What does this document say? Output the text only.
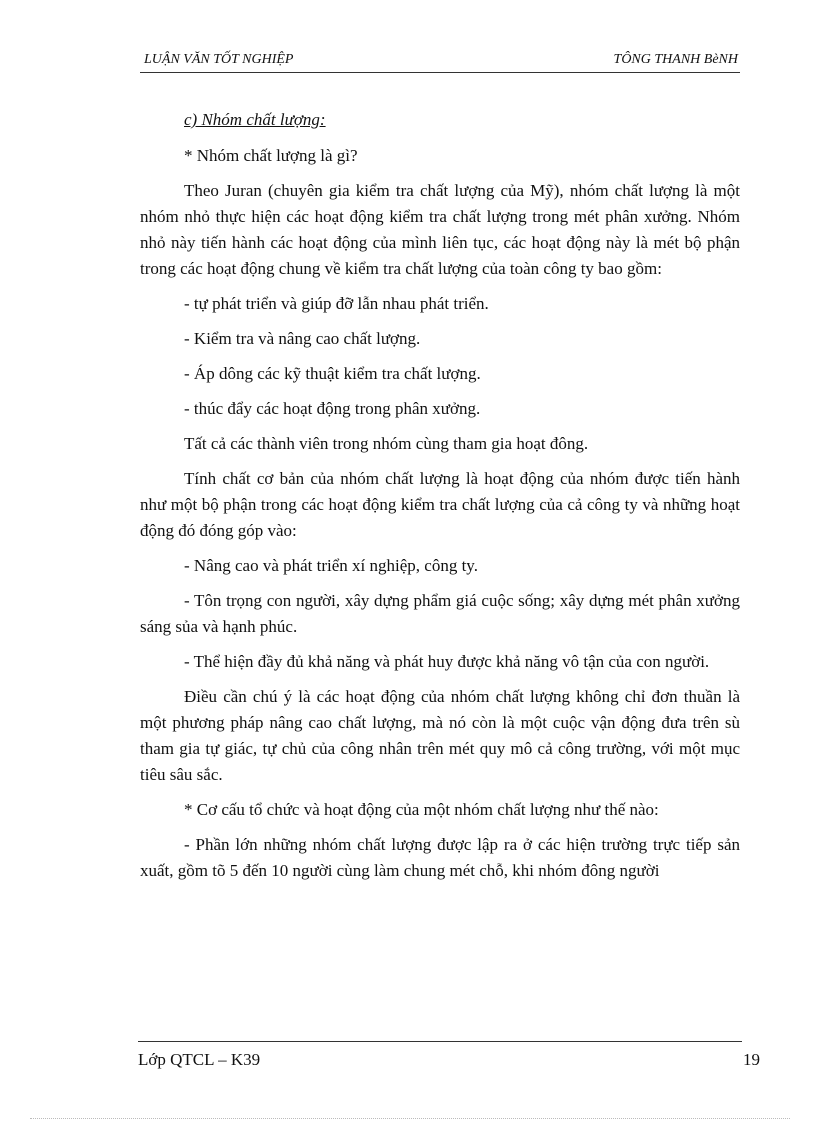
LUẬN VĂN TỐT NGHIỆP	TÔNG THANH BèNH

c) Nhóm chất lượng:

* Nhóm chất lượng là gì?

Theo Juran (chuyên gia kiểm tra chất lượng của Mỹ), nhóm chất lượng là một nhóm nhỏ thực hiện các hoạt động kiểm tra chất lượng trong mét phân xưởng. Nhóm nhỏ này tiến hành các hoạt động của mình liên tục, các hoạt động này là mét bộ phận trong các hoạt động chung về kiểm tra chất lượng của toàn công ty bao gồm:

- tự phát triển và giúp đỡ lẫn nhau phát triển.

- Kiểm tra và nâng cao chất lượng.

- Áp dông các kỹ thuật kiểm tra chất lượng.

- thúc đẩy các hoạt động trong phân xưởng.

Tất cả các thành viên trong nhóm cùng tham gia hoạt đông.

Tính chất cơ bản của nhóm chất lượng là hoạt động của nhóm được tiến hành như một bộ phận trong các hoạt động kiểm tra chất lượng của cả công ty và những hoạt động đó đóng góp vào:

- Nâng cao và phát triển xí nghiệp, công ty.

- Tôn trọng con người, xây dựng phẩm giá cuộc sống; xây dựng mét phân xưởng sáng sủa và hạnh phúc.

- Thể hiện đầy đủ khả năng và phát huy được khả năng vô tận của con người.

Điều cần chú ý là các hoạt động của nhóm chất lượng không chỉ đơn thuần là một phương pháp nâng cao chất lượng, mà nó còn là một cuộc vận động đưa trên sù tham gia tự giác, tự chủ của công nhân trên mét quy mô cả công trường, với một mục tiêu sâu sắc.

* Cơ cấu tổ chức và hoạt động của một nhóm chất lượng như thế nào:

- Phần lớn những nhóm chất lượng được lập ra ở các hiện trường trực tiếp sản xuất, gồm tõ 5 đến 10 người cùng làm chung mét chỗ, khi nhóm đông người

Lớp QTCL – K39	19
